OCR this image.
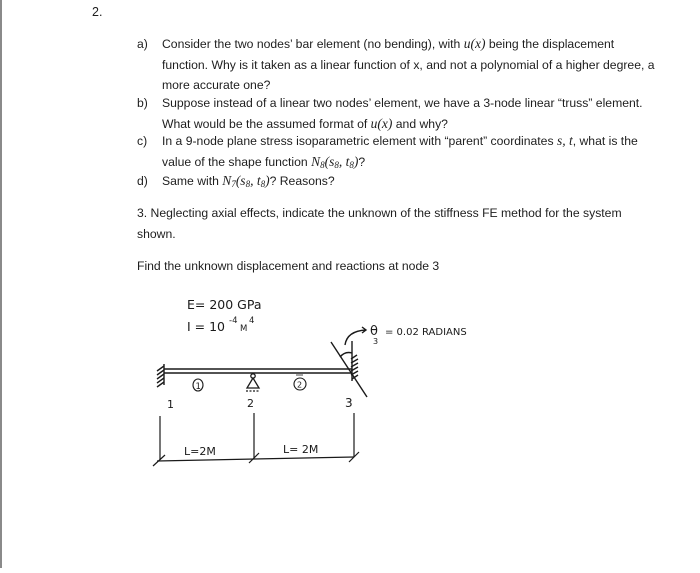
2.
a) Consider the two nodes’ bar element (no bending), with u(x) being the displacement
function. Why is it taken as a linear function of x, and not a polynomial of a higher degree, a
more accurate one?
b) Suppose instead of a linear two nodes’ element, we have a 3-node linear “truss” element.
What would be the assumed format of u(x) and why?
c) In a 9-node plane stress isoparametric element with “parent” coordinates s, t, what is the
value of the shape function $N_8(s_8$, $t_8$)?
d) Same with $N_7(s_8$, $t_8$)? Reasons?
3. Neglecting axial effects, indicate the unknown of the stiffness FE method for the system
shown.
Find the unknown displacement and reactions at node 3
E= 200 GPa
I = 10 -4
M
4
θ
3
= 0.02 RADIANS
1	2
1	2	3
L=2M	L= 2M
